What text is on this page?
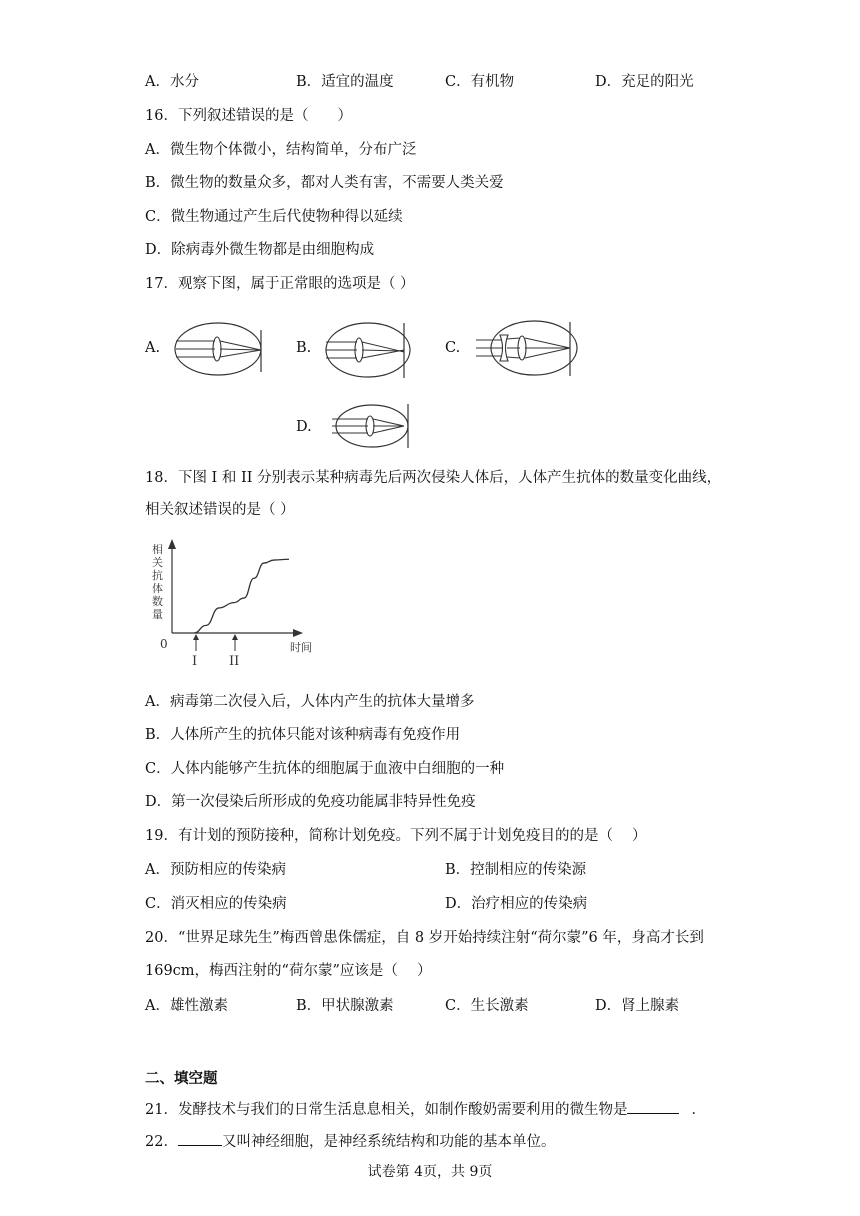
A．水分	B．适宜的温度	C．有机物	D．充足的阳光
16．下列叙述错误的是（　　）
A．微生物个体微小，结构简单，分布广泛
B．微生物的数量众多，都对人类有害，不需要人类关爱
C．微生物通过产生后代使物种得以延续
D．除病毒外微生物都是由细胞构成
17．观察下图，属于正常眼的选项是（ ）
A.	B.	C.
D.
18．下图 I 和 II 分别表示某种病毒先后两次侵染人体后，人体产生抗体的数量变化曲线，
相关叙述错误的是（ ）
相关抗体数量
0	时间
I II
A．病毒第二次侵入后，人体内产生的抗体大量增多
B．人体所产生的抗体只能对该种病毒有免疫作用
C．人体内能够产生抗体的细胞属于血液中白细胞的一种
D．第一次侵染后所形成的免疫功能属非特异性免疫
19．有计划的预防接种，简称计划免疫。下列不属于计划免疫目的的是（　 ）
A．预防相应的传染病	B．控制相应的传染源
C．消灭相应的传染病	D．治疗相应的传染病
20．“世界足球先生”梅西曾患侏儒症，自 8 岁开始持续注射“荷尔蒙”6 年，身高才长到
169cm，梅西注射的“荷尔蒙”应该是（　 ）
A．雄性激素	B．甲状腺激素	C．生长激素	D．肾上腺素
二、填空题
21．发酵技术与我们的日常生活息息相关，如制作酸奶需要利用的微生物是	．
22．	又叫神经细胞，是神经系统结构和功能的基本单位。
试卷第 4页，共 9页
